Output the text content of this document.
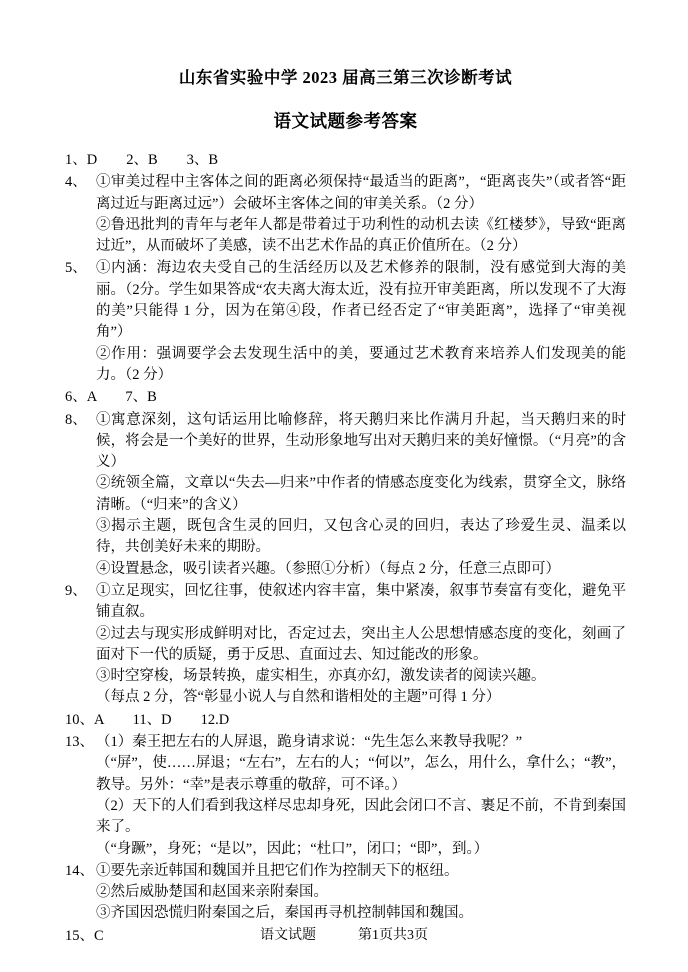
山东省实验中学 2023 届高三第三次诊断考试
语文试题参考答案
1、D　　2、B　　3、B
4、 ①审美过程中主客体之间的距离必须保持“最适当的距离”，“距离丧失”（或者答“距离过近与距离过远”）会破坏主客体之间的审美关系。（2 分）
②鲁迅批判的青年与老年人都是带着过于功利性的动机去读《红楼梦》，导致“距离过近”，从而破坏了美感，读不出艺术作品的真正价值所在。（2 分）
5、 ①内涵：海边农夫受自己的生活经历以及艺术修养的限制，没有感觉到大海的美丽。（2分。学生如果答成“农夫离大海太近，没有拉开审美距离，所以发现不了大海的美”只能得 1 分，因为在第④段，作者已经否定了“审美距离”，选择了“审美视角”）
②作用：强调要学会去发现生活中的美，要通过艺术教育来培养人们发现美的能力。（2 分）
6、A　　7、B
8、 ①寓意深刻，这句话运用比喻修辞，将天鹅归来比作满月升起，当天鹅归来的时候，将会是一个美好的世界，生动形象地写出对天鹅归来的美好憧憬。（“月亮”的含义）
②统领全篇，文章以“失去—归来”中作者的情感态度变化为线索，贯穿全文，脉络清晰。（“归来”的含义）
③揭示主题，既包含生灵的回归，又包含心灵的回归，表达了珍爱生灵、温柔以待，共创美好未来的期盼。
④设置悬念，吸引读者兴趣。（参照①分析）（每点 2 分，任意三点即可）
9、 ①立足现实，回忆往事，使叙述内容丰富，集中紧凑，叙事节奏富有变化，避免平铺直叙。
②过去与现实形成鲜明对比，否定过去，突出主人公思想情感态度的变化，刻画了面对下一代的质疑，勇于反思、直面过去、知过能改的形象。
③时空穿梭，场景转换，虚实相生，亦真亦幻，激发读者的阅读兴趣。
（每点 2 分，答“彰显小说人与自然和谐相处的主题”可得 1 分）
10、A　　11、D　　12.D
13、 （1）秦王把左右的人屏退，跪身请求说：“先生怎么来教导我呢？”
（“屏”，使……屏退；“左右”，左右的人；“何以”，怎么，用什么，拿什么；“教”，教导。另外：“幸”是表示尊重的敬辞，可不译。）
（2）天下的人们看到我这样尽忠却身死，因此会闭口不言、裹足不前，不肯到秦国来了。
（“身蹶”，身死；“是以”，因此；“杜口”，闭口；“即”，到。）
14、 ①要先亲近韩国和魏国并且把它们作为控制天下的枢纽。
②然后威胁楚国和赵国来亲附秦国。
③齐国因恐慌归附秦国之后，秦国再寻机控制韩国和魏国。
15、C	语文试题	第1页共3页
